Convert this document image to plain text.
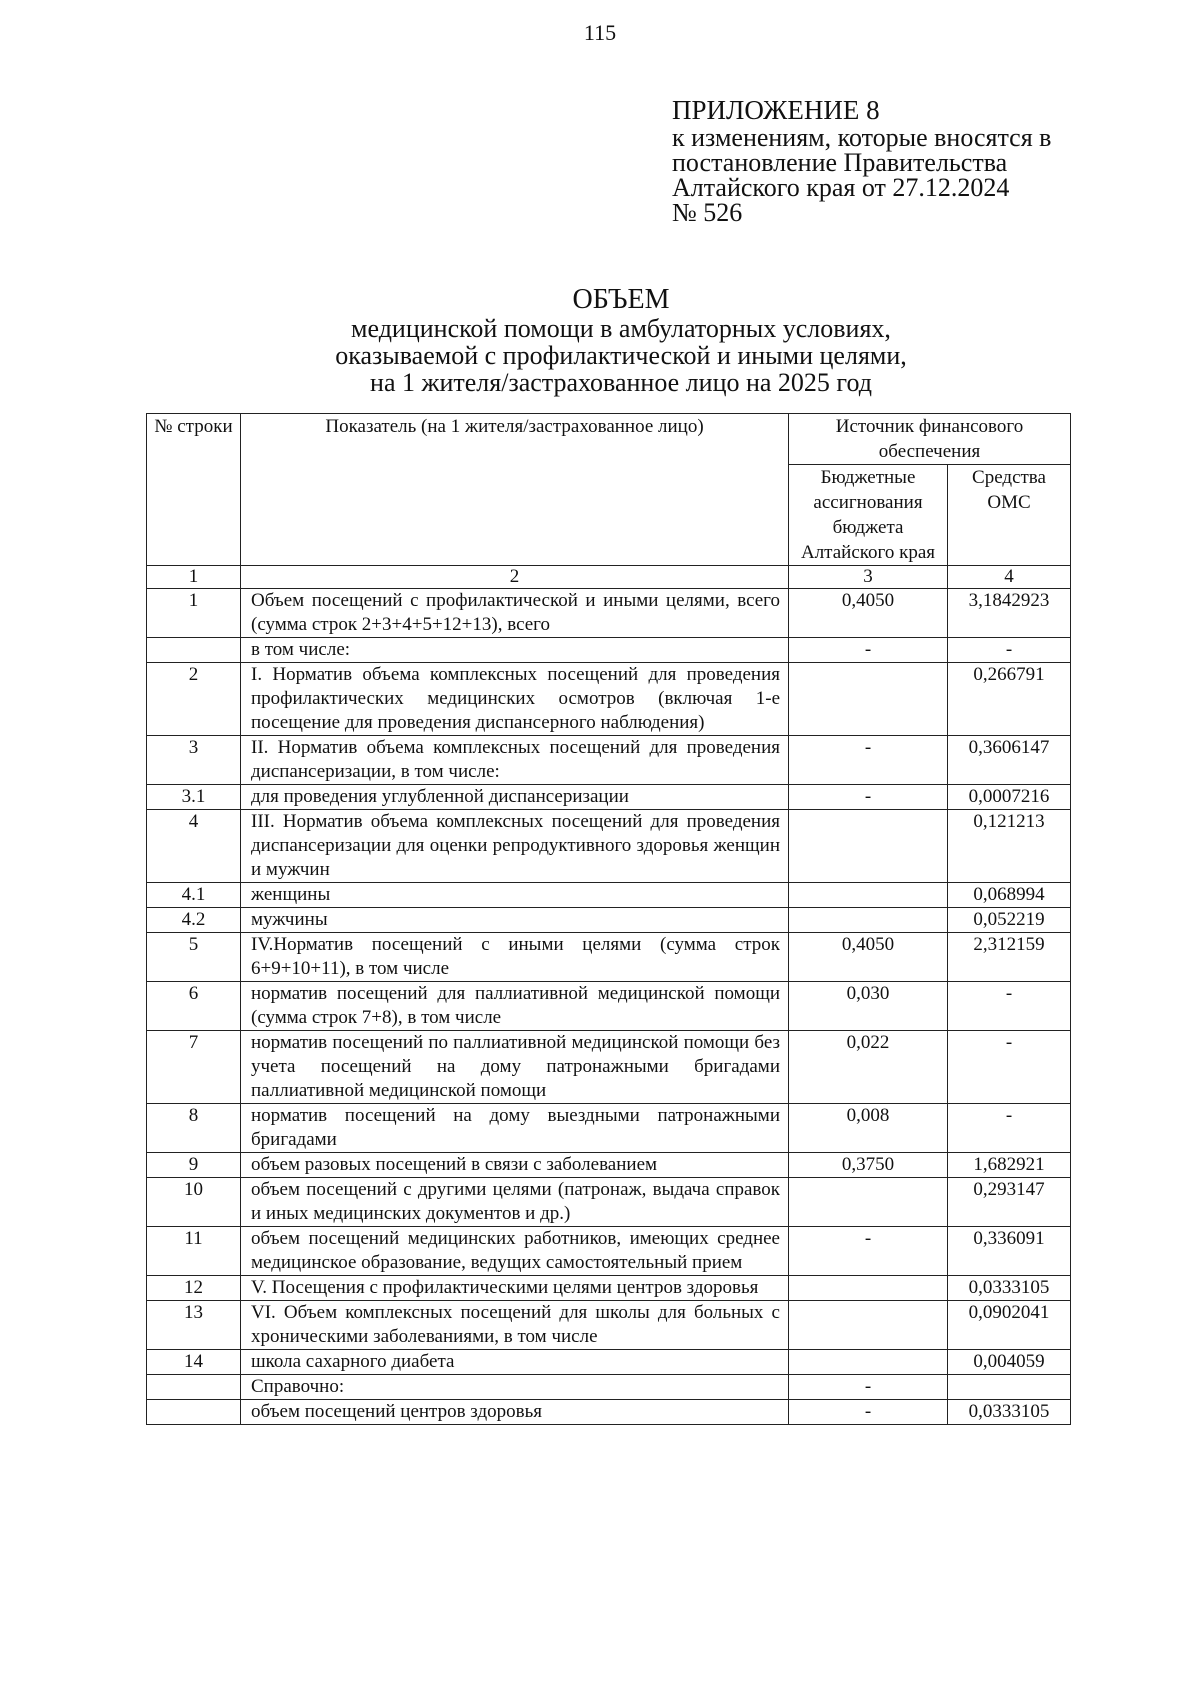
115
ПРИЛОЖЕНИЕ 8
к изменениям, которые вносятся в
постановление Правительства
Алтайского края от 27.12.2024
№ 526
ОБЪЕМ
медицинской помощи в амбулаторных условиях,
оказываемой с профилактической и иными целями,
на 1 жителя/застрахованное лицо на 2025 год
№ строки	Показатель (на 1 жителя/застрахованное лицо)	Источник финансового обеспечения	
		Бюджетные ассигнования бюджета Алтайского края	Средства ОМС
1	2	3	4
1	Объем посещений с профилактической и иными целями, всего (сумма строк 2+3+4+5+12+13), всего	0,4050	3,1842923
	в том числе:	-	-
2	I. Норматив объема комплексных посещений для проведения профилактических медицинских осмотров (включая 1-е посещение для проведения диспансерного наблюдения)		0,266791
3	II. Норматив объема комплексных посещений для проведения диспансеризации, в том числе:	-	0,3606147
3.1	для проведения углубленной диспансеризации	-	0,0007216
4	III. Норматив объема комплексных посещений для проведения диспансеризации для оценки репродуктивного здоровья женщин и мужчин		0,121213
4.1	женщины		0,068994
4.2	мужчины		0,052219
5	IV.Норматив посещений с иными целями (сумма строк 6+9+10+11), в том числе	0,4050	2,312159
6	норматив посещений для паллиативной медицинской помощи (сумма строк 7+8), в том числе	0,030	-
7	норматив посещений по паллиативной медицинской помощи без учета посещений на дому патронажными бригадами паллиативной медицинской помощи	0,022	-
8	норматив посещений на дому выездными патронажными бригадами	0,008	-
9	объем разовых посещений в связи с заболеванием	0,3750	1,682921
10	объем посещений с другими целями (патронаж, выдача справок и иных медицинских документов и др.)		0,293147
11	объем посещений медицинских работников, имеющих среднее медицинское образование, ведущих самостоятельный прием	-	0,336091
12	V. Посещения с профилактическими целями центров здоровья		0,0333105
13	VI. Объем комплексных посещений для школы для больных с хроническими заболеваниями, в том числе		0,0902041
14	школа сахарного диабета		0,004059
	Справочно:	-	
	объем посещений центров здоровья	-	0,0333105
